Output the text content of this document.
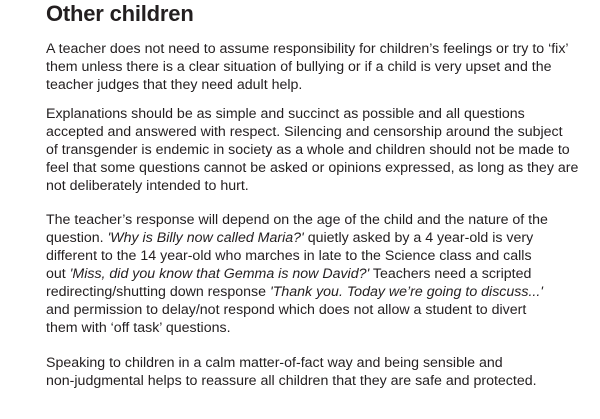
Other children

A teacher does not need to assume responsibility for children’s feelings or try to ‘fix’
them unless there is a clear situation of bullying or if a child is very upset and the
teacher judges that they need adult help.

Explanations should be as simple and succinct as possible and all questions
accepted and answered with respect. Silencing and censorship around the subject
of transgender is endemic in society as a whole and children should not be made to
feel that some questions cannot be asked or opinions expressed, as long as they are
not deliberately intended to hurt.

The teacher’s response will depend on the age of the child and the nature of the
question. 'Why is Billy now called Maria?' quietly asked by a 4 year-old is very
different to the 14 year-old who marches in late to the Science class and calls
out 'Miss, did you know that Gemma is now David?' Teachers need a scripted
redirecting/shutting down response 'Thank you. Today we’re going to discuss...'
and permission to delay/not respond which does not allow a student to divert
them with ‘off task’ questions.

Speaking to children in a calm matter-of-fact way and being sensible and
non-judgmental helps to reassure all children that they are safe and protected.
